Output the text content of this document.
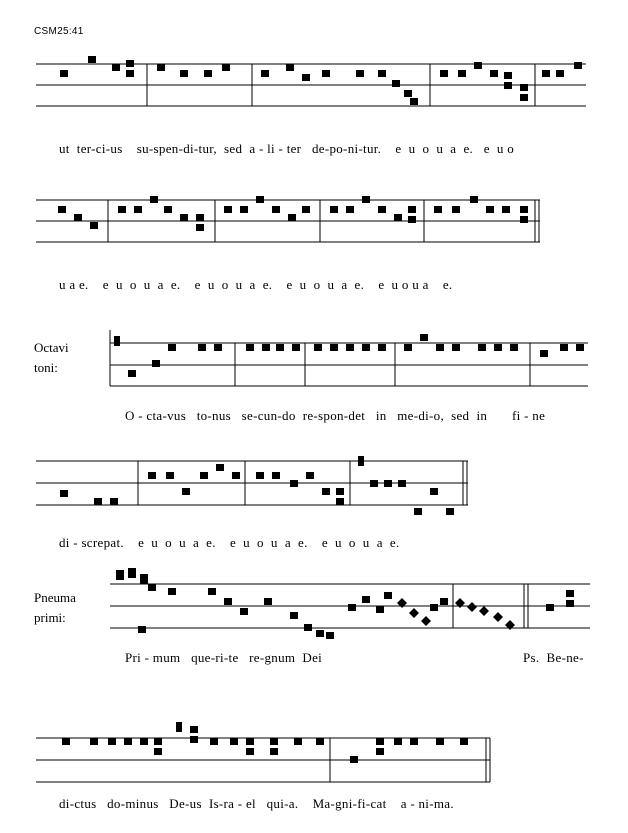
CSM25:41
ut  ter-ci-us    su-spen-di-tur,  sed  a - li - ter   de-po-ni-tur.    e  u  o  u  a  e.   e  u o
u a e.    e  u  o  u  a  e.    e  u  o  u  a  e.    e  u  o  u  a  e.    e  u o u a    e.
Octavi
toni:
O - cta-vus   to-nus   se-cun-do  re-spon-det   in   me-di-o,  sed  in       fi - ne
di - screpat.    e  u  o  u  a  e.    e  u  o  u  a  e.    e  u  o  u  a  e.
Pneuma
primi:
Pri - mum   que-ri-te   re-gnum  Dei	Ps.  Be-ne-
di-ctus   do-minus   De-us  Is-ra - el   qui-a.    Ma-gni-fi-cat    a - ni-ma.
